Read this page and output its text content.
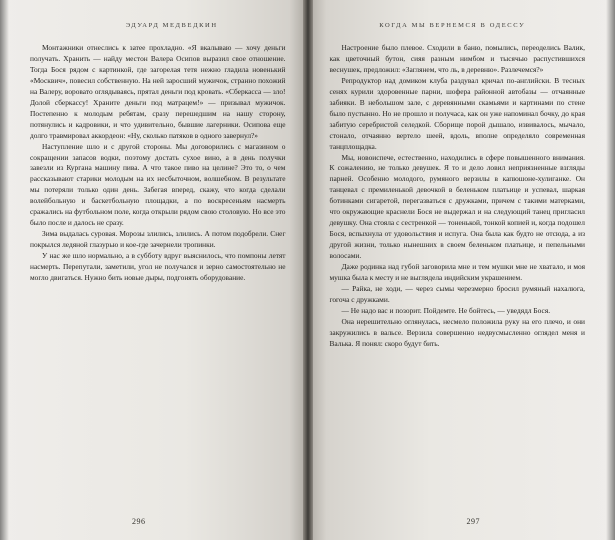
ЭДУАРД МЕДВЕДКИН

Монтажники отнеслись к затее прохладно. «Я вкалываю — хочу деньги получать. Хранить — найду местон Валера Осипов выразил свое отношение. Тогда Бося рядом с картинкой, где загорелая тетя нежно гладила новенький «Москвич», повесил собственную. На ней заросший мужичок, странно похожий на Валеру, воровато оглядываясь, прятал деньги под кровать. «Сберкасса — зло! Долой сберкассу! Храните деньги под матрацем!» — призывал мужичок. Постепенно к молодым ребятам, сразу перешедшим на нашу сторону, потянулись и кадровики, и что удивительно, бывшие лагерники. Осипова еще долго травмировал аккордеон: «Ну, сколько патяков в одного завернул?»

Наступление шло и с другой стороны. Мы договорились с магазином о сокращении запасов водки, поэтому достать сухое вино, а в день получки завезли из Кургана машину пива. А что такое пиво на целине? Это то, о чем рассказывают старики молодым на их несбыточном, волшебном. В результате мы потеряли только один день. Забегая вперед, скажу, что когда сделали волейбольную и баскетбольную площадки, а по воскресеньям насмерть сражались на футбольном поле, когда открыли рядом свою столовую. Но все это было после и далось не сразу.

Зима выдалась суровая. Морозы злились, злились. А потом подобрели. Снег покрылся ледяной глазурью и кое-где зачернели тропинки.

У нас же шло нормально, а в субботу вдруг выяснилось, что помпоны летят насмерть. Перепутали, заметили, угол не получался и зерно самостоятельно не могло двигаться. Нужно бить новые дыры, подгонять оборудование.

296
КОГДА МЫ ВЕРНЕМСЯ В ОДЕССУ

Настроение было плевое. Сходили в баню, помылись, переоделись Валик, как цветочный бутон, сияя разным нимбом и тысячью распустившихся веснушек, предложил: «Заглянем, что ль, в деревню». Разлечемся?»

Репродуктор над домиком клуба раздувал кричал по-английски. В тесных сенях курили здоровенные парни, шофера районной автобазы — отчаянные забияки. В небольшом зале, с деревянными скамьями и картинами по стене было пустынно. Но не прошло и получаса, как он уже напоминал бочку, до края забитую серебристой селедкой. Сборище порой дышало, извивалось, мычало, стонало, отчаянно вертело шеей, вдоль, вполне определяло современная танцплощадка.

Мы, новоиспече, естественно, находились в сфере повышенного внимания. К сожалению, не только девушек. Я то и дело ловил неприязненные взгляды парней. Особенно молодого, румяного верзилы в капюшоне-хулиганке. Он танцевал с премиленькой девочкой в беленьком платьице и успевал, шаркая ботинками сигаретой, перегазваться с дружками, причем с такими матерками, что окружающие краснели Бося не выдержал и на следующий танец пригласил девушку. Она стояла с сестренкой — тоненькой, тонкой копией и, когда подошел Бося, вспыхнула от удовольствия и испуга. Она была как будто не отсюда, а из другой жизни, только нынешних в своем беленьком платьице, и пепельными волосами.

Даже родинка над губой заговорила мне и тем мушки мне не хватало, и моя мушка была к месту и не выглядела индийским украшением.

— Райка, не ходи, — через сымы черезмерно бросил румяный нахалюга, гогоча с дружками.

— Не надо вас и позорит. Пойдемте. Не бойтесь, — уведядл Бося.

Она нерешительно оглянулась, несмело положила руку на его плечо, и они закружились в вальсе. Верзила совершенно недвусмысленно оглядел меня и Валька. Я понял: скоро будут бить.

297
